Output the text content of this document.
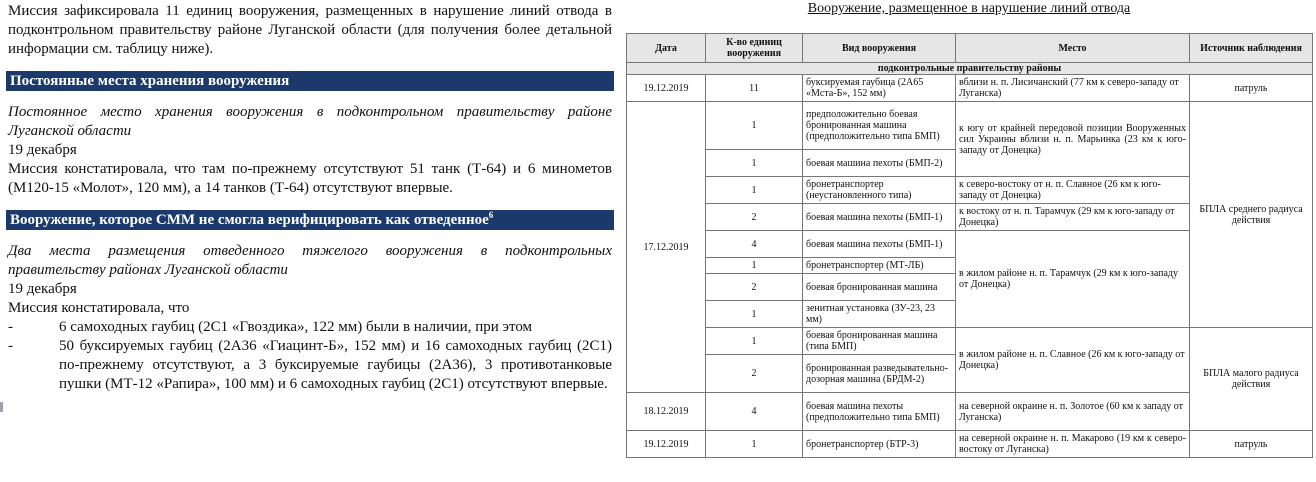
Миссия зафиксировала 11 единиц вооружения, размещенных в нарушение линий отвода в подконтрольном правительству районе Луганской области (для получения более детальной информации см. таблицу ниже).

Постоянные места хранения вооружения

Постоянное место хранения вооружения в подконтрольном правительству районе Луганской области

19 декабря

Миссия констатировала, что там по-прежнему отсутствуют 51 танк (Т-64) и 6 минометов (М120-15 «Молот», 120 мм), а 14 танков (Т-64) отсутствуют впервые.

Вооружение, которое СММ не смогла верифицировать как отведенное$^6$

Два места размещения отведенного тяжелого вооружения в подконтрольных правительству районах Луганской области

19 декабря

Миссия констатировала, что

- 6 самоходных гаубиц (2С1 «Гвоздика», 122 мм) были в наличии, при этом
- 50 буксируемых гаубиц (2А36 «Гиацинт-Б», 152 мм) и 16 самоходных гаубиц (2С1) по-прежнему отсутствуют, а 3 буксируемые гаубицы (2А36), 3 противотанковые пушки (МТ-12 «Рапира», 100 мм) и 6 самоходных гаубиц (2С1) отсутствуют впервые.
Вооружение, размещенное в нарушение линий отвода
Дата	К-во единиц вооружения	Вид вооружения	Место	Источник наблюдения
подконтрольные правительству районы				
19.12.2019	11	буксируемая гаубица (2А65 «Мста-Б», 152 мм)	вблизи н. п. Лисичанский (77 км к северо-западу от Луганска)	патруль
17.12.2019	1	предположительно боевая бронированная машина (предположительно типа БМП)	к югу от крайней передовой позиции Вооруженных сил Украины вблизи н. п. Марьинка (23 км к юго-западу от Донецка)	БПЛА среднего радиуса действия
	1	боевая машина пехоты (БМП-2)		
	1	бронетранспортер (неустановленного типа)	к северо-востоку от н. п. Славное (26 км к юго-западу от Донецка)	
	2	боевая машина пехоты (БМП-1)	к востоку от н. п. Тарамчук (29 км к юго-западу от Донецка)	
	4	боевая машина пехоты (БМП-1)	в жилом районе н. п. Тарамчук (29 км к юго-западу от Донецка)	
	1	бронетранспортер (МТ-ЛБ)		
	2	боевая бронированная машина		
	1	зенитная установка (ЗУ-23, 23 мм)		
	1	боевая бронированная машина (типа БМП)	в жилом районе н. п. Славное (26 км к юго-западу от Донецка)	БПЛА малого радиуса действия
	2	бронированная разведывательно-дозорная машина (БРДМ-2)		
18.12.2019	4	боевая машина пехоты (предположительно типа БМП)	на северной окраине н. п. Золотое (60 км к западу от Луганска)	
19.12.2019	1	бронетранспортер (БТР-3)	на северной окраине н. п. Макарово (19 км к северо-востоку от Луганска)	патруль
